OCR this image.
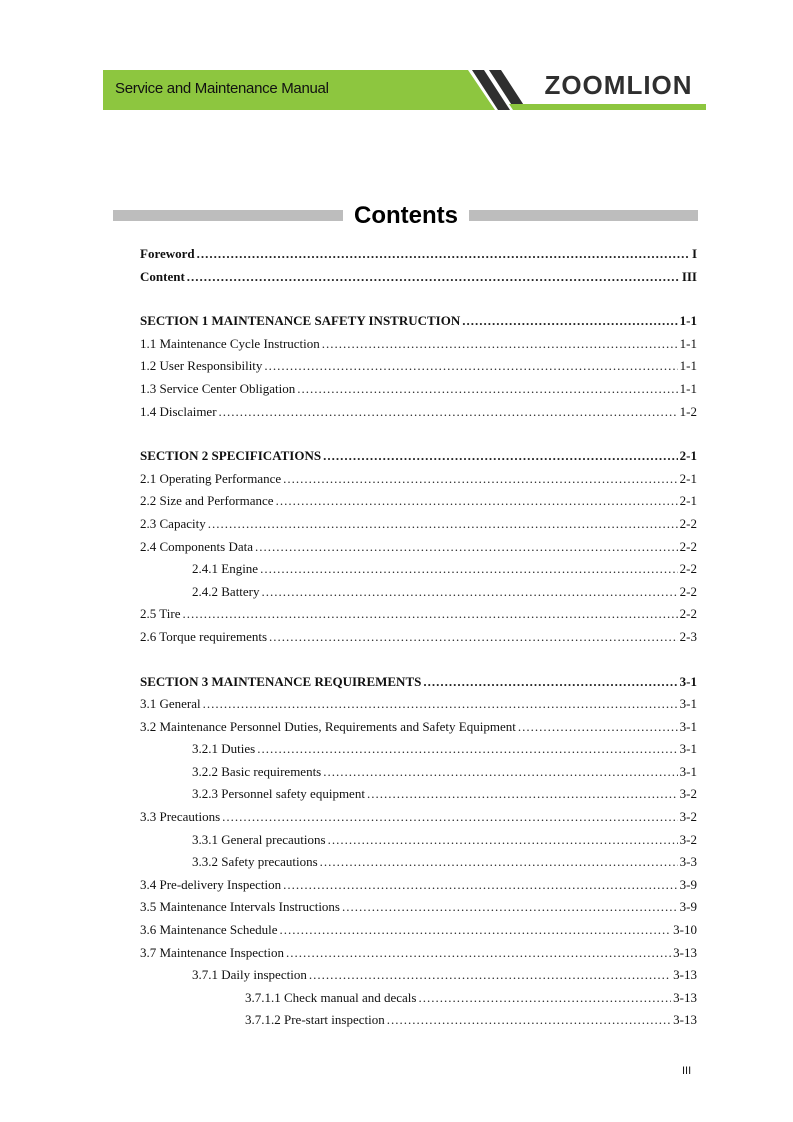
Service and Maintenance Manual	ZOOMLION
Contents
Foreword .....	I
Content .....	III
SECTION 1 MAINTENANCE SAFETY INSTRUCTION .....	1-1
1.1 Maintenance Cycle Instruction .....	1-1
1.2 User Responsibility .....	1-1
1.3 Service Center Obligation .....	1-1
1.4 Disclaimer .....	1-2
SECTION 2 SPECIFICATIONS .....	2-1
2.1 Operating Performance .....	2-1
2.2 Size and Performance .....	2-1
2.3 Capacity .....	2-2
2.4 Components Data .....	2-2
2.4.1 Engine .....	2-2
2.4.2 Battery .....	2-2
2.5 Tire .....	2-2
2.6 Torque requirements .....	2-3
SECTION 3 MAINTENANCE REQUIREMENTS .....	3-1
3.1 General .....	3-1
3.2 Maintenance Personnel Duties, Requirements and Safety Equipment .....	3-1
3.2.1 Duties .....	3-1
3.2.2 Basic requirements .....	3-1
3.2.3 Personnel safety equipment .....	3-2
3.3 Precautions .....	3-2
3.3.1 General precautions .....	3-2
3.3.2 Safety precautions .....	3-3
3.4 Pre-delivery Inspection .....	3-9
3.5 Maintenance Intervals Instructions .....	3-9
3.6 Maintenance Schedule .....	3-10
3.7 Maintenance Inspection .....	3-13
3.7.1 Daily inspection .....	3-13
3.7.1.1 Check manual and decals .....	3-13
3.7.1.2 Pre-start inspection .....	3-13
III
